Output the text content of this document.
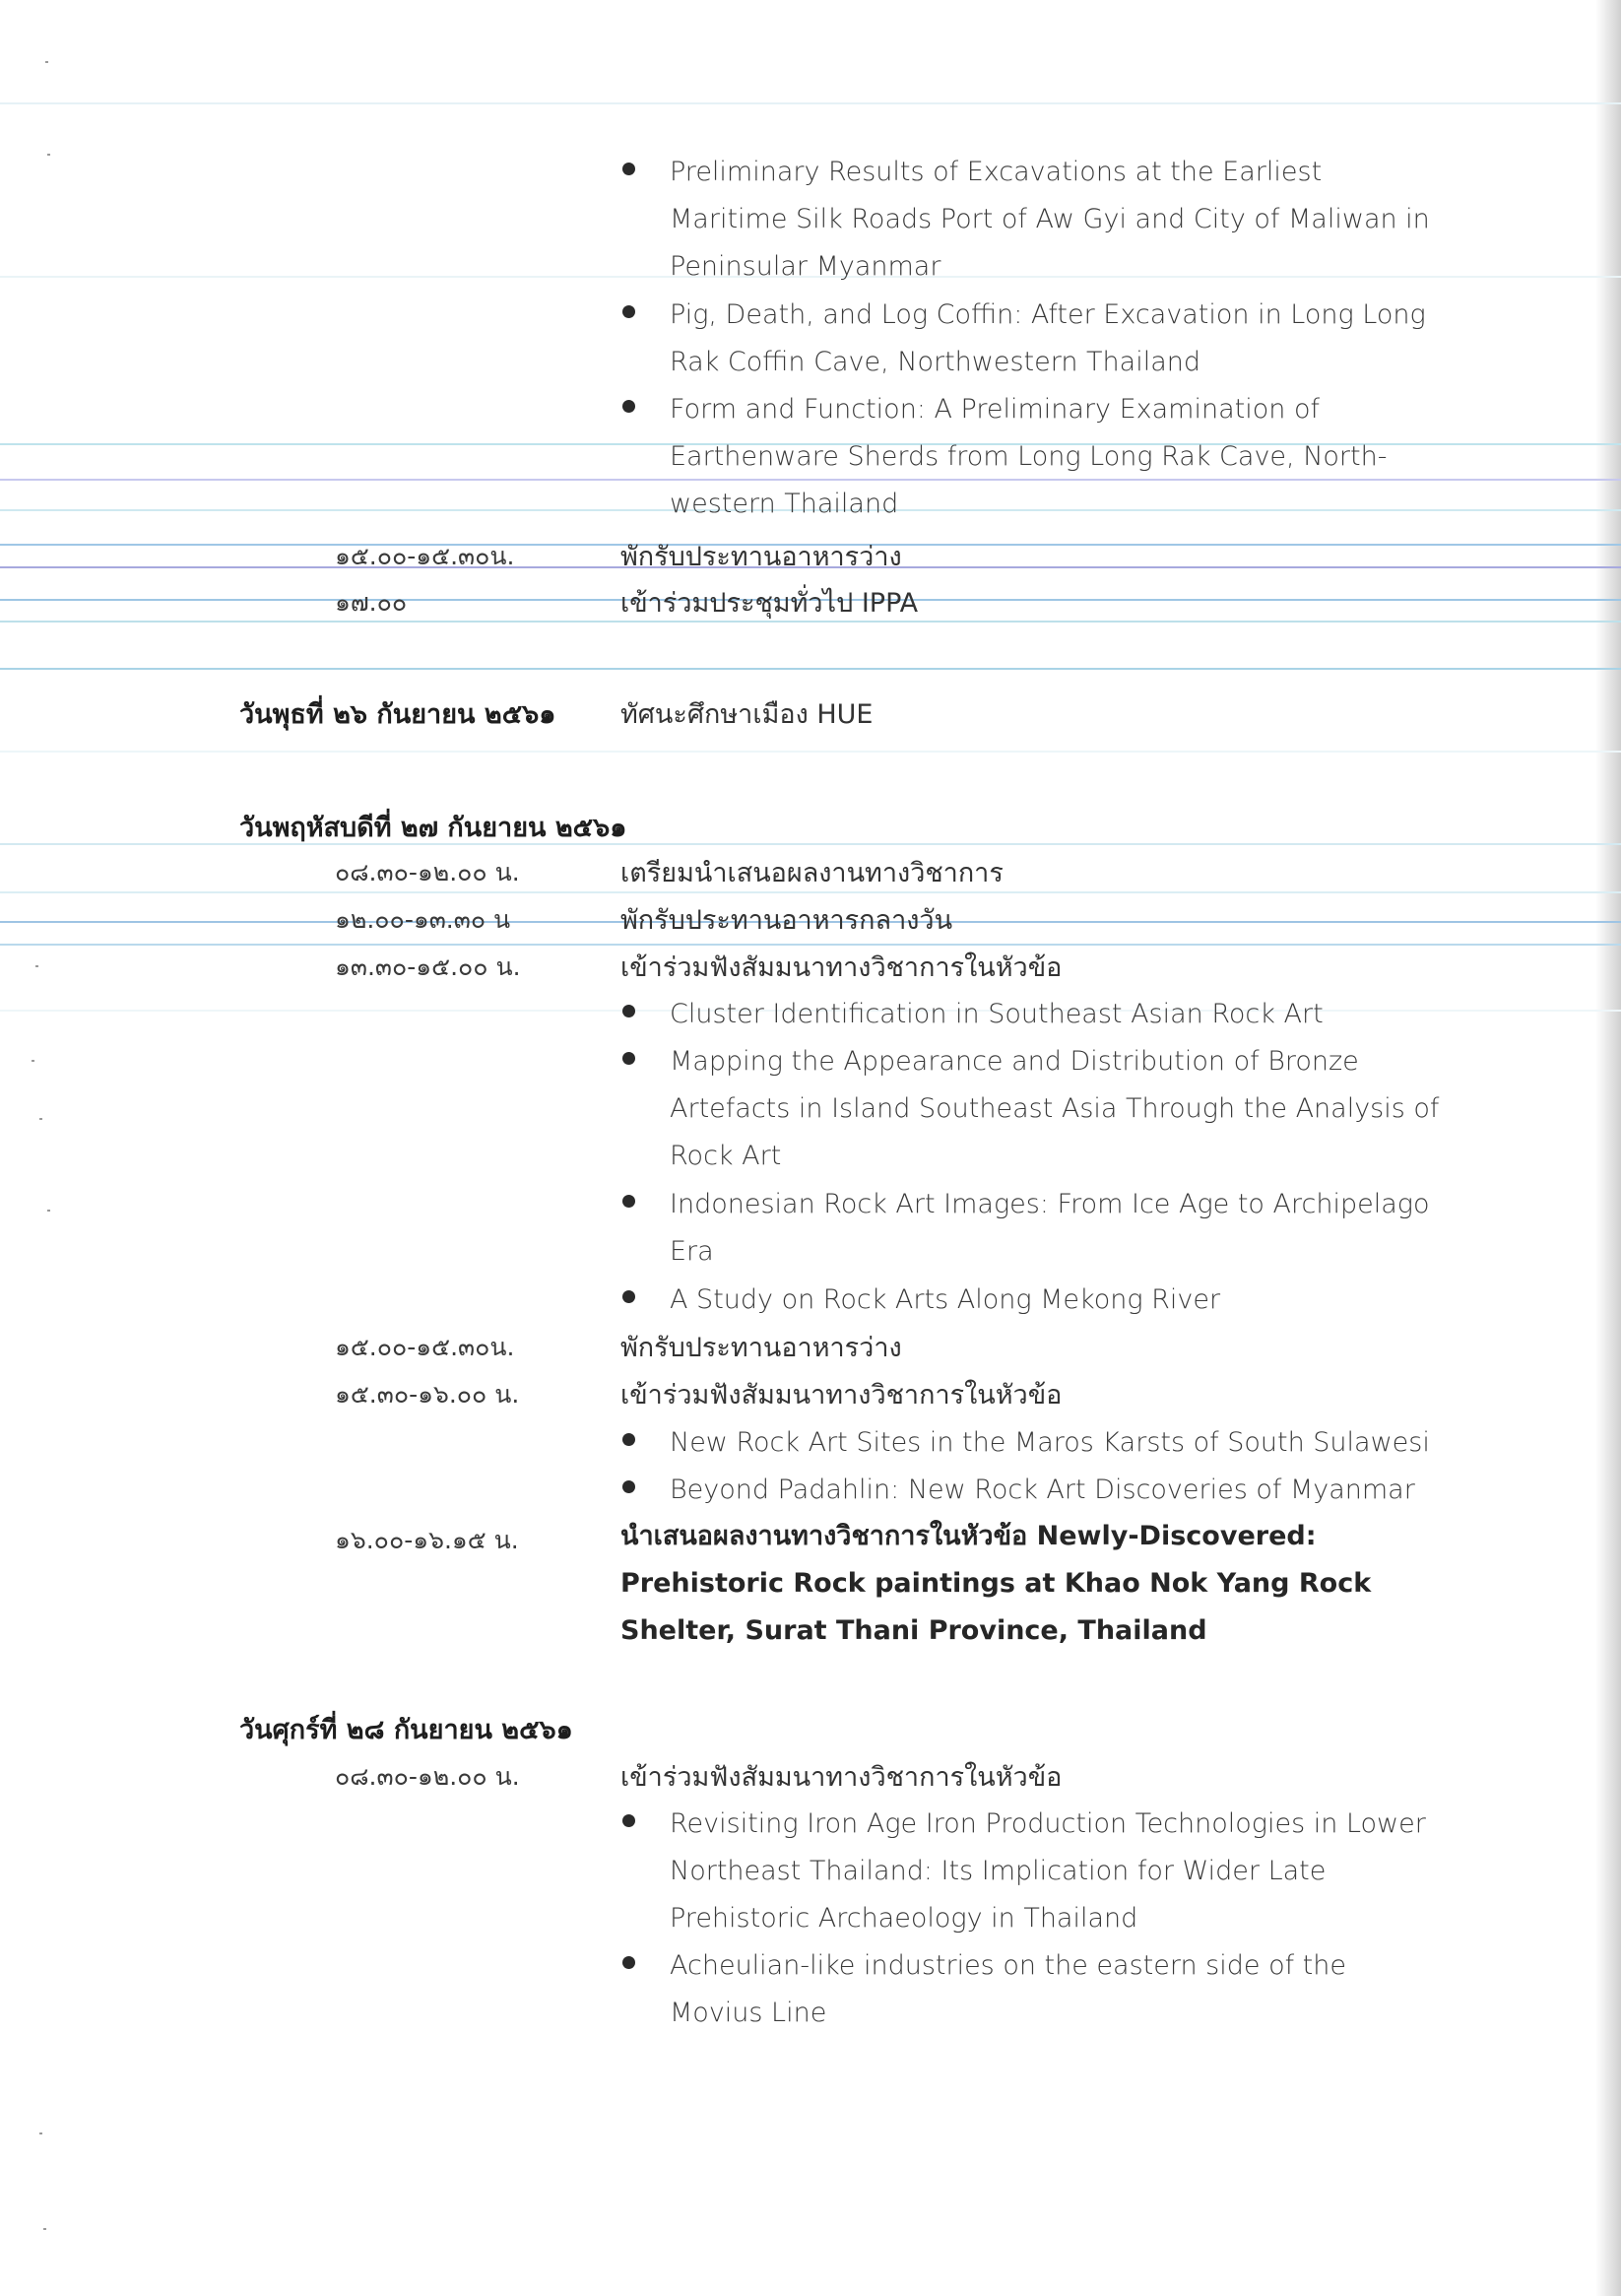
Preliminary Results of Excavations at the Earliest Maritime Silk Roads Port of Aw Gyi and City of Maliwan in Peninsular Myanmar
Pig, Death, and Log Coffin: After Excavation in Long Long Rak Coffin Cave, Northwestern Thailand
Form and Function: A Preliminary Examination of Earthenware Sherds from Long Long Rak Cave, North-western Thailand
๑๕.๐๐-๑๕.๓๐น.	พักรับประทานอาหารว่าง
๑๗.๐๐	เข้าร่วมประชุมทั่วไป IPPA
วันพุธที่ ๒๖ กันยายน ๒๕๖๑ ทัศนะศึกษาเมือง HUE
วันพฤหัสบดีที่ ๒๗ กันยายน ๒๕๖๑
๐๘.๓๐-๑๒.๐๐ น.	เตรียมนำเสนอผลงานทางวิชาการ
๑๒.๐๐-๑๓.๓๐ น	พักรับประทานอาหารกลางวัน
๑๓.๓๐-๑๕.๐๐ น.	เข้าร่วมฟังสัมมนาทางวิชาการในหัวข้อ
Cluster Identification in Southeast Asian Rock Art
Mapping the Appearance and Distribution of Bronze Artefacts in Island Southeast Asia Through the Analysis of Rock Art
Indonesian Rock Art Images: From Ice Age to Archipelago Era
A Study on Rock Arts Along Mekong River
๑๕.๐๐-๑๕.๓๐น.	พักรับประทานอาหารว่าง
๑๕.๓๐-๑๖.๐๐ น.	เข้าร่วมฟังสัมมนาทางวิชาการในหัวข้อ
New Rock Art Sites in the Maros Karsts of South Sulawesi
Beyond Padahlin: New Rock Art Discoveries of Myanmar
๑๖.๐๐-๑๖.๑๕ น.	นำเสนอผลงานทางวิชาการในหัวข้อ Newly-Discovered: Prehistoric Rock paintings at Khao Nok Yang Rock Shelter, Surat Thani Province, Thailand
วันศุกร์ที่ ๒๘ กันยายน ๒๕๖๑
๐๘.๓๐-๑๒.๐๐ น.	เข้าร่วมฟังสัมมนาทางวิชาการในหัวข้อ
Revisiting Iron Age Iron Production Technologies in Lower Northeast Thailand: Its Implication for Wider Late Prehistoric Archaeology in Thailand
Acheulian-like industries on the eastern side of the Movius Line
